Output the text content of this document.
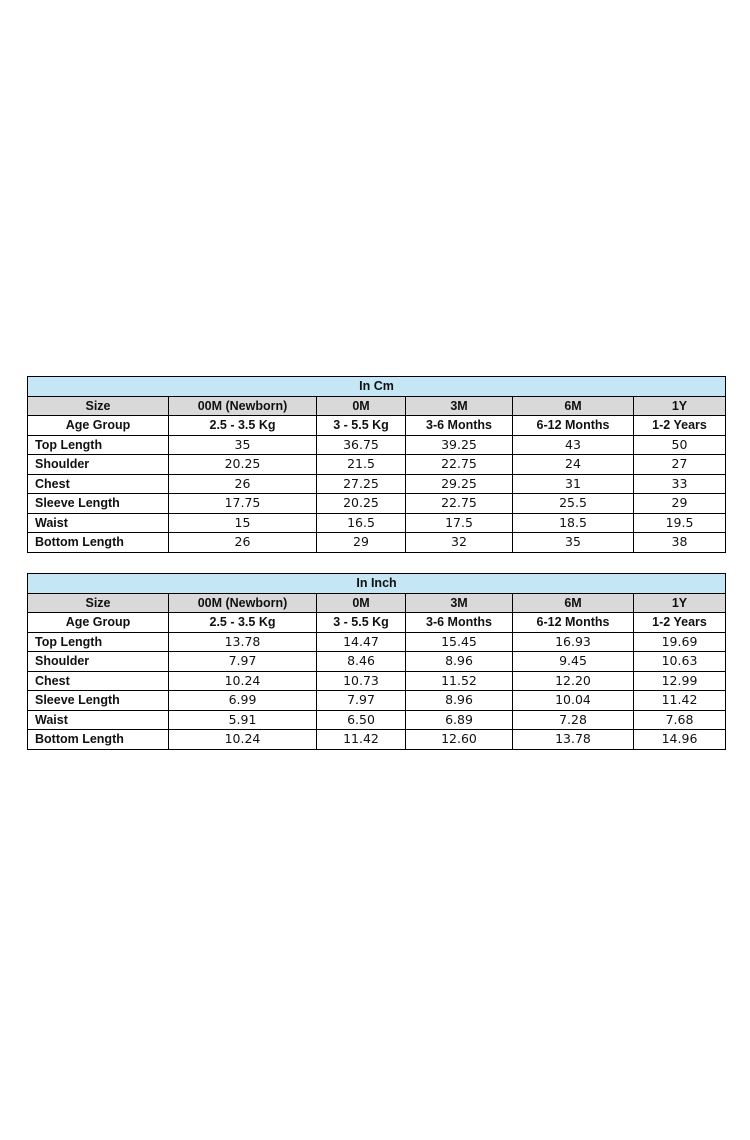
In Cm					
Size	00M (Newborn)	0M	3M	6M	1Y
Age Group	2.5 - 3.5 Kg	3 - 5.5 Kg	3-6 Months	6-12 Months	1-2 Years
Top Length	35	36.75	39.25	43	50
Shoulder	20.25	21.5	22.75	24	27
Chest	26	27.25	29.25	31	33
Sleeve Length	17.75	20.25	22.75	25.5	29
Waist	15	16.5	17.5	18.5	19.5
Bottom Length	26	29	32	35	38
In Inch					
Size	00M (Newborn)	0M	3M	6M	1Y
Age Group	2.5 - 3.5 Kg	3 - 5.5 Kg	3-6 Months	6-12 Months	1-2 Years
Top Length	13.78	14.47	15.45	16.93	19.69
Shoulder	7.97	8.46	8.96	9.45	10.63
Chest	10.24	10.73	11.52	12.20	12.99
Sleeve Length	6.99	7.97	8.96	10.04	11.42
Waist	5.91	6.50	6.89	7.28	7.68
Bottom Length	10.24	11.42	12.60	13.78	14.96
